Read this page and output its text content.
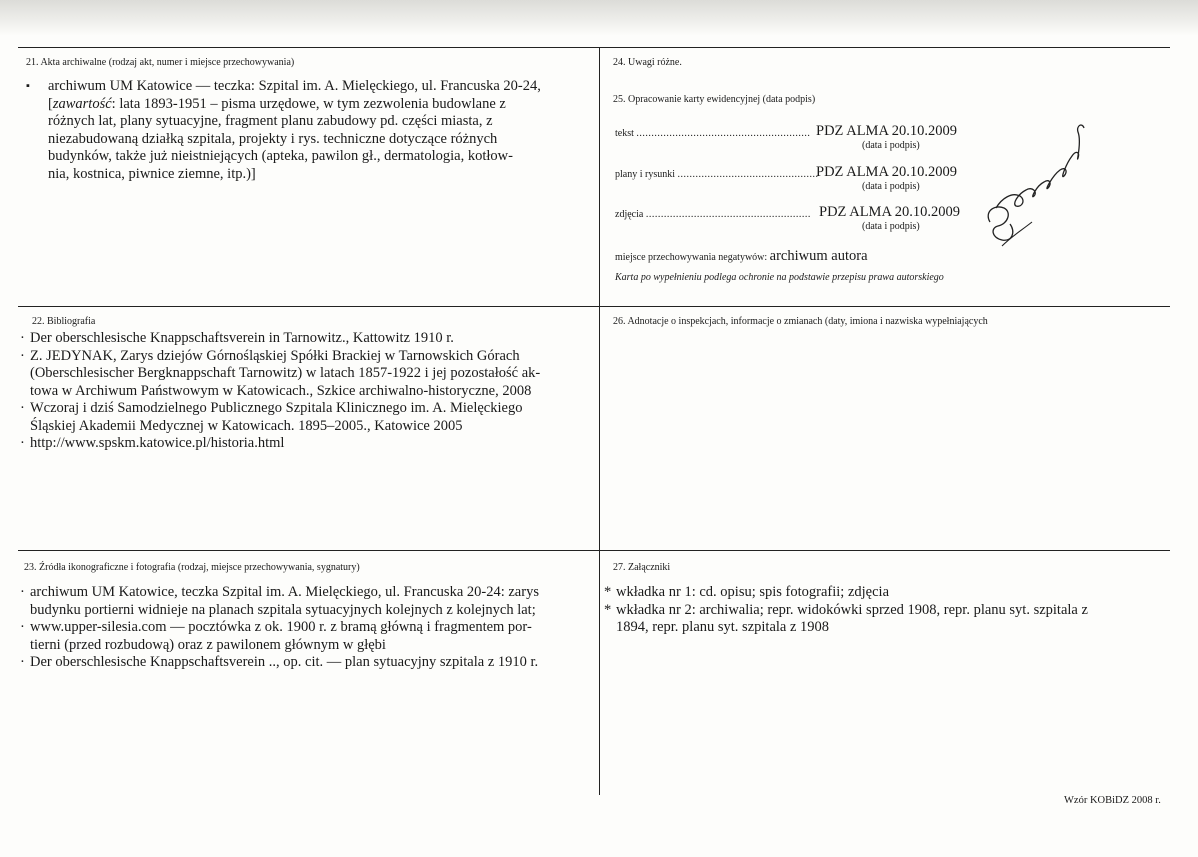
21. Akta archiwalne (rodzaj akt, numer i miejsce przechowywania)
▪	archiwum UM Katowice — teczka: Szpital im. A. Mielęckiego, ul. Francuska 20-24,

[zawartość: lata 1893-1951 – pisma urzędowe, w tym zezwolenia budowlane z

różnych lat, plany sytuacyjne, fragment planu zabudowy pd. części miasta, z

niezabudowaną działką szpitala, projekty i rys. techniczne dotyczące różnych

budynków, także już nieistniejących (apteka, pawilon gł., dermatologia, kotłow-

nia, kostnica, piwnice ziemne, itp.)]

24. Uwagi różne.
25. Opracowanie karty ewidencyjnej (data podpis)
tekst .......................................................... PDZ ALMA 20.10.2009
(data i podpis)
plany i rysunki ...............................................
PDZ ALMA 20.10.2009
(data i podpis)
zdjęcia ....................................................... PDZ ALMA 20.10.2009
(data i podpis)
miejsce przechowywania negatywów: archiwum autora
Karta po wypełnieniu podlega ochronie na podstawie przepisu prawa autorskiego
22. Bibliografia
· Der oberschlesische Knappschaftsverein in Tarnowitz., Kattowitz 1910 r.

· Z. JEDYNAK, Zarys dziejów Górnośląskiej Spółki Brackiej w Tarnowskich Górach

(Oberschlesischer Bergknappschaft Tarnowitz) w latach 1857-1922 i jej pozostałość ak-

towa w Archiwum Państwowym w Katowicach., Szkice archiwalno-historyczne, 2008

· Wczoraj i dziś Samodzielnego Publicznego Szpitala Klinicznego im. A. Mielęckiego

Śląskiej Akademii Medycznej w Katowicach. 1895–2005., Katowice 2005

· http://www.spskm.katowice.pl/historia.html

26. Adnotacje o inspekcjach, informacje o zmianach (daty, imiona i nazwiska wypełniających
23. Źródła ikonograficzne i fotografia (rodzaj, miejsce przechowywania, sygnatury)
· archiwum UM Katowice, teczka Szpital im. A. Mielęckiego, ul. Francuska 20-24: zarys

budynku portierni widnieje na planach szpitala sytuacyjnych kolejnych z kolejnych lat;

· www.upper-silesia.com — pocztówka z ok. 1900 r. z bramą główną i fragmentem por-

tierni (przed rozbudową) oraz z pawilonem głównym w głębi

· Der oberschlesische Knappschaftsverein .., op. cit. — plan sytuacyjny szpitala z 1910 r.

27. Załączniki
* wkładka nr 1: cd. opisu; spis fotografii; zdjęcia

* wkładka nr 2: archiwalia; repr. widokówki sprzed 1908, repr. planu syt. szpitala z

1894, repr. planu syt. szpitala z 1908

Wzór KOBiDZ 2008 r.
